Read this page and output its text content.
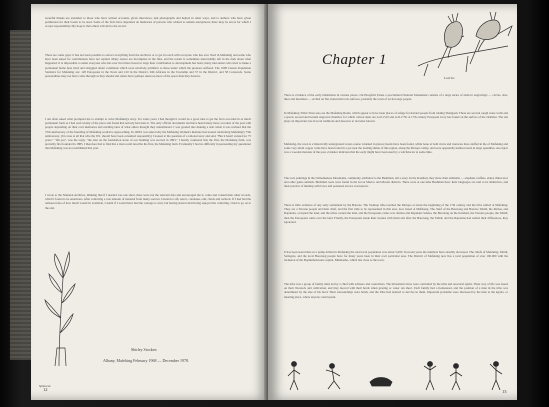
Grateful thanks are extended to those who have written accounts, given interviews, lent photographs and helped in other ways, and to authors who have given permission for their books to be used. Some of the facts have depended on memories of persons who wished to remain anonymous; there may be errors for which I accept responsibility. My hope is that others will add to the record.
There are some gaps: it has not been possible to extract everything from the Archives or to get in touch with everyone who has ever lived in Mafeking and some who have been asked for contributions have not replied. Many stories are incomplete in the files, and the reader is sometimes unavoidably left in the dark about what happened. It is impossible to name everyone who has ever lived here however large their contribution to development has been; many latecomers who tried to make a permanent home here lived and struggled under conditions which were relatively primitive to those under which the pioneers suffered. The 1968 Census Population Statistics for Mafeking are: 128 Europeans in the Town and 120 in the District, 946 Africans in the Township and 57 in the District, and 58 Coloureds. Some personalities may not have come through as they should and others have perhaps taken up more of the space than they deserve.
I am often asked what prompted me to attempt to write Mafeking's story. For some years I had thought it would be a good idea to get the facts recorded in as much permanent form as I had read widely of the place and found that nobody had done it. The only official documents and have heard many more accounts of the past with people depending on their own memories and retelling tales of what others thought they remembered. I was goaded into making a start when it was realised that the 75th anniversary of the founding of Mafeking would be approaching. In 1968 I was asked why the Mafeking Women's Institute had treated celebrating Mafeking's 75th anniversary. (It is true at all that who the W.I. should have been consulted responsibly) I looked at the question of a rational story and said, "But it hasn't existed for 75 years." "Oh yes", was the reply, "the date on the foundation stone of our building was erected in 1893." I hastily countered that the first, the Mafeking farm, was probably first founded in 1885. I therefore had to find that a man could describe the first, the Mafeking farm. Eventually I had no difficulty in persuading my questioner that Mafeking was not established that year.
I wrote to the National Archives, thinking that if I needed was one short, there were not the relevant data and encouraged me to come and consult their other records, which I found to be enormous. After collecting a vast amount of material from many sources I started to sift, select, condense, edit, check and recheck. If I had had the remotest idea of how much would be available, I doubt if I would have had the courage to start, but having started and having enjoyed the collecting, I had to go on to the end.
Spiloxene
Shirley Stocken
Albany, Mafeking February 1968 — December 1978.
12
Loeries
Chapter 1
There is evidence of the early inhabitants in various places. On Hoogfeld Estate a proclaimed National Monument consists of a large series of abstract engravings — circles, dots, lines and meanders — etched on flat, horizontal rock surfaces, probably the work of an Iron Age people.
In Mafeking Tribal Trust area are the Mafeking Ruins, which appear to have been places of refuge for harried people from raiding Shangaan. There are several rough stone walls and a spacio second and beaded engraved chamber, for which carbon dates are A.D.1510 and A.D.1750. A 17th century European ivory has found on the surface of the chamber. The site plays an important role in local traditions and deserves to be better known.
Mafeking, the town is a historically underground water-course widened in places; heads have been found, while bone at both rivers and ironware have stuffed in the of Mafeking and some very small copper coins have been found in a pot near the leading shrine of this region, along the Molopo valley, and were apparently undiscovered in large quantities. An object was a wooden monster of the past, evidence indicates that the early might have been used by a witchdoctor at some time.
The rock paintings in the Chinamenese Mountains, commonly attributed to the Bushmen, tell a story. In the Kalahari, they show their emblems — elephant, buffalo, eland, rhinoceros and other game animals. Bushmen tools were found in the Groot Marico and Mosita districts. There were at one time Bushmen here: their languages are said to be distinctive, and their practice of hunting with bows and poisoned arrows was known.
There is little evidence of any early settlement by the Barotse. The Vaalkop tribe reached the Molopo at about the beginning of the 17th century and the tribe settled at Mafeking. They are a Tswana people and their chief, and the first tribe to be represented in this area, now based at Mafikeng. The chief of the Barolong and Barotse Tshidi, the Ratlou, and Rapulana, occupied the land, and the tribes owned the land, and the Europeans came over. Ratlou and Rapulana Seleka, the Barolong on the Kalahari, the Tswana people, the Tshidi; then the Europeans came over the land. Finally, the Europeans made their treaties with them and after the Barolong, the Tshidi, and the Rapulana had settled their differences, they separated.
It has been stated that on a pump drilled in Mafeking the total local population was about 5,000. In recent years the numbers have steadily increased. The chiefs of Mafeking, Tshidi, Setlagole, and the local Barolong people have for many years been in their own particular area. The District of Mafeking now has a total population of over 100,000 with the inclusion of the Bophuthatswana capital, Mmabatho, which lies close to the town.
The tribe was a group of family units led by a chief with advisers and councillors. The tribesmen's lives were controlled by the tribe and ancestral spirits. Their way of life was based on their livestock and cultivation, and they moved with their herds when grazing or water ran short. Each family had a homestead, and the position of a man in the tribe was determined by the size of his herd. Their surroundings were harsh, and the tribe had learned to survive in them. Important problems were discussed by the men at the kgotla, or meeting place, where anyone could speak.
13
